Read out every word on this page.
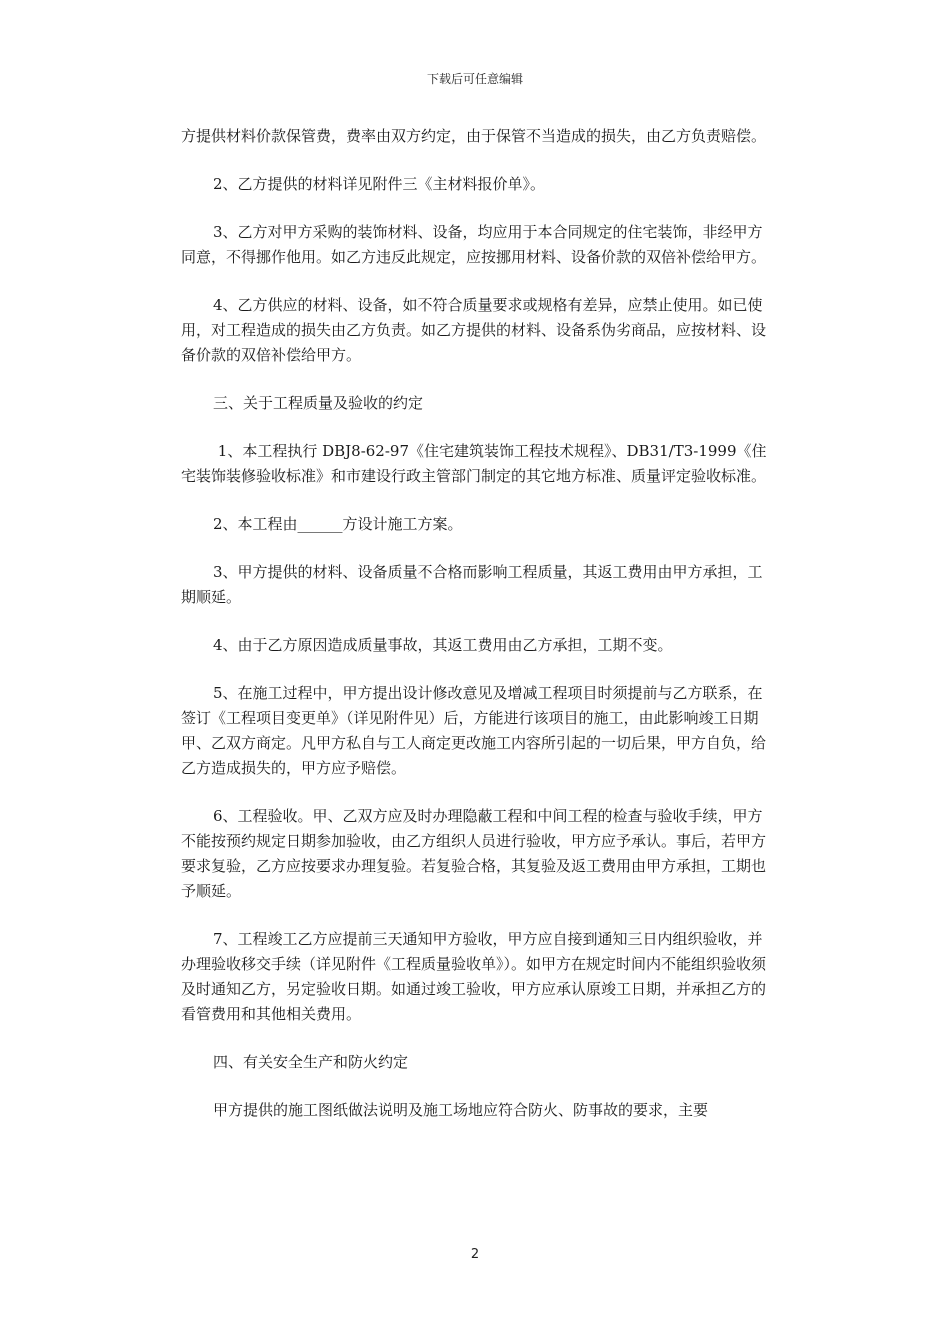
下载后可任意编辑

方提供材料价款保管费，费率由双方约定，由于保管不当造成的损失，由乙方负责赔偿。

2、乙方提供的材料详见附件三《主材料报价单》。

3、乙方对甲方采购的装饰材料、设备，均应用于本合同规定的住宅装饰，非经甲方同意，不得挪作他用。如乙方违反此规定，应按挪用材料、设备价款的双倍补偿给甲方。

4、乙方供应的材料、设备，如不符合质量要求或规格有差异，应禁止使用。如已使用，对工程造成的损失由乙方负责。如乙方提供的材料、设备系伪劣商品，应按材料、设备价款的双倍补偿给甲方。

三、关于工程质量及验收的约定

1、本工程执行 DBJ8-62-97《住宅建筑装饰工程技术规程》、DB31/T3-1999《住宅装饰装修验收标准》和市建设行政主管部门制定的其它地方标准、质量评定验收标准。

2、本工程由______方设计施工方案。

3、甲方提供的材料、设备质量不合格而影响工程质量，其返工费用由甲方承担，工期顺延。

4、由于乙方原因造成质量事故，其返工费用由乙方承担，工期不变。

5、在施工过程中，甲方提出设计修改意见及增减工程项目时须提前与乙方联系，在签订《工程项目变更单》（详见附件见）后，方能进行该项目的施工，由此影响竣工日期甲、乙双方商定。凡甲方私自与工人商定更改施工内容所引起的一切后果，甲方自负，给乙方造成损失的，甲方应予赔偿。

6、工程验收。甲、乙双方应及时办理隐蔽工程和中间工程的检查与验收手续，甲方不能按预约规定日期参加验收，由乙方组织人员进行验收，甲方应予承认。事后，若甲方要求复验，乙方应按要求办理复验。若复验合格，其复验及返工费用由甲方承担，工期也予顺延。

7、工程竣工乙方应提前三天通知甲方验收，甲方应自接到通知三日内组织验收，并办理验收移交手续（详见附件《工程质量验收单》）。如甲方在规定时间内不能组织验收须及时通知乙方，另定验收日期。如通过竣工验收，甲方应承认原竣工日期，并承担乙方的看管费用和其他相关费用。

四、有关安全生产和防火约定

甲方提供的施工图纸做法说明及施工场地应符合防火、防事故的要求，主要

2
